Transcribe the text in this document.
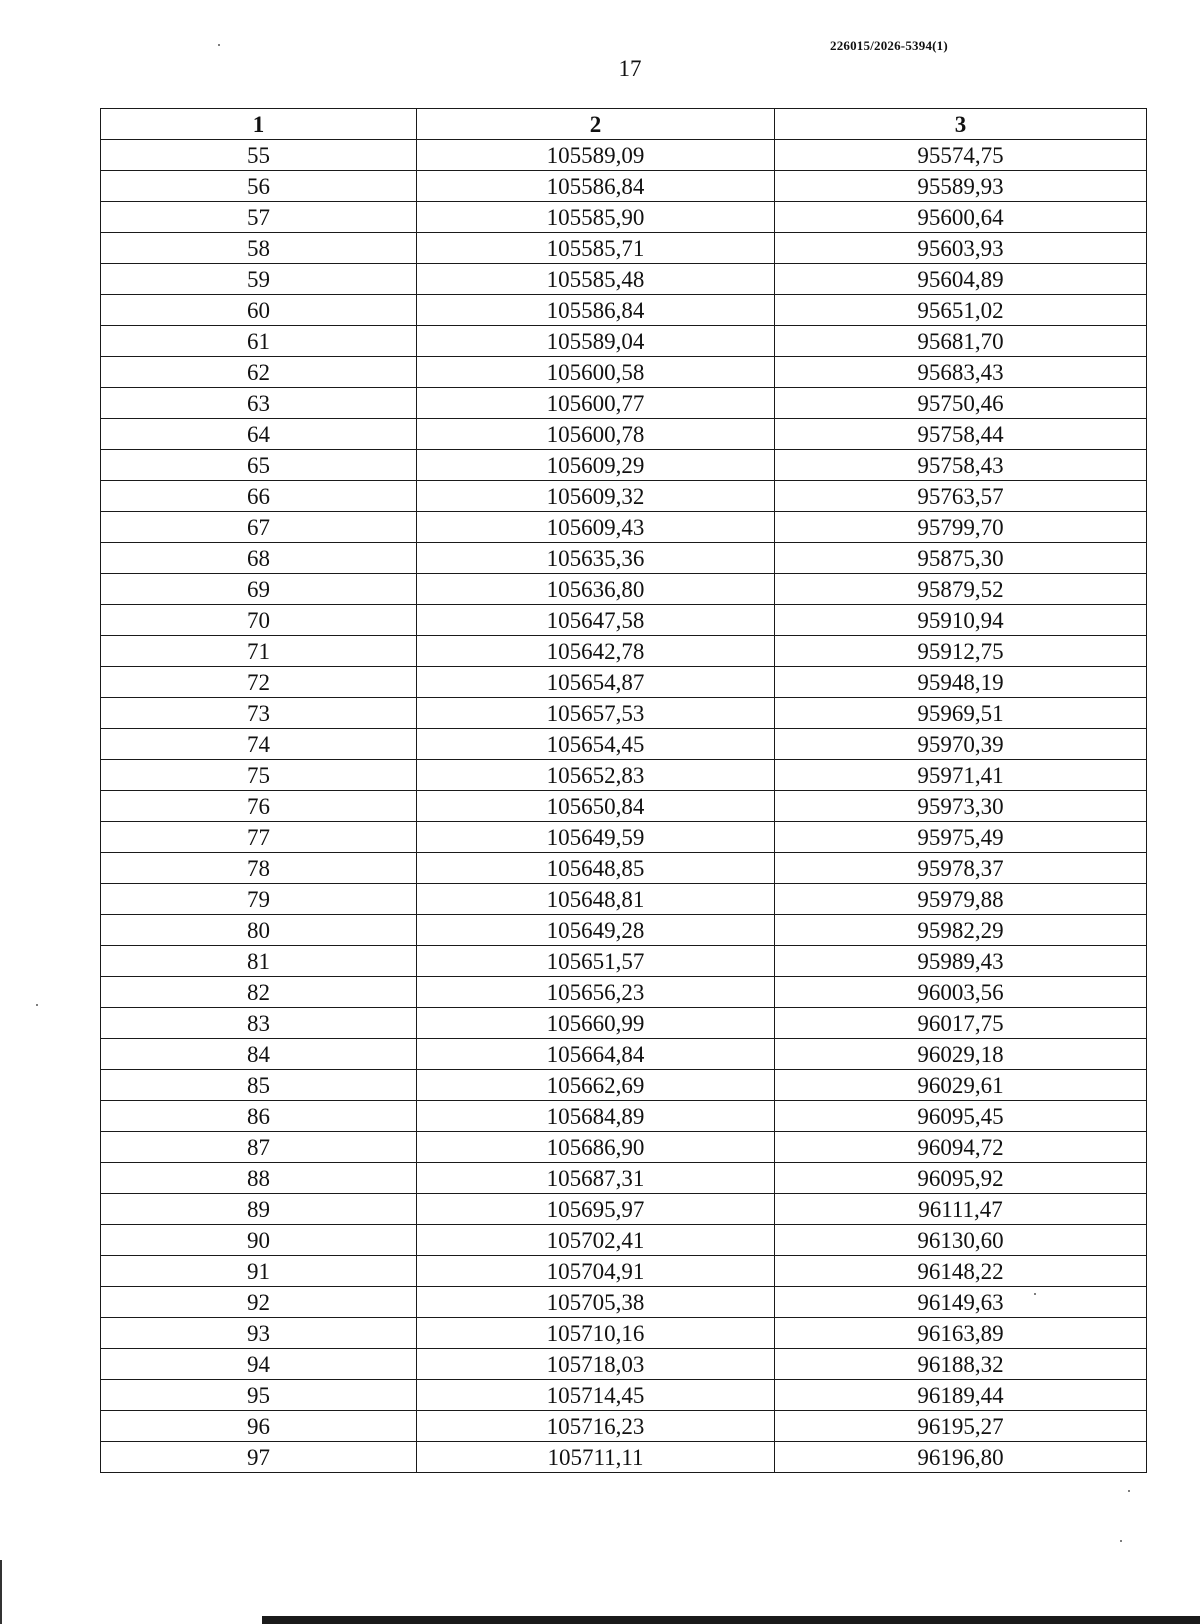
226015/2026-5394(1)
17
1	2	3
55	105589,09	95574,75
56	105586,84	95589,93
57	105585,90	95600,64
58	105585,71	95603,93
59	105585,48	95604,89
60	105586,84	95651,02
61	105589,04	95681,70
62	105600,58	95683,43
63	105600,77	95750,46
64	105600,78	95758,44
65	105609,29	95758,43
66	105609,32	95763,57
67	105609,43	95799,70
68	105635,36	95875,30
69	105636,80	95879,52
70	105647,58	95910,94
71	105642,78	95912,75
72	105654,87	95948,19
73	105657,53	95969,51
74	105654,45	95970,39
75	105652,83	95971,41
76	105650,84	95973,30
77	105649,59	95975,49
78	105648,85	95978,37
79	105648,81	95979,88
80	105649,28	95982,29
81	105651,57	95989,43
82	105656,23	96003,56
83	105660,99	96017,75
84	105664,84	96029,18
85	105662,69	96029,61
86	105684,89	96095,45
87	105686,90	96094,72
88	105687,31	96095,92
89	105695,97	96111,47
90	105702,41	96130,60
91	105704,91	96148,22
92	105705,38	96149,63
93	105710,16	96163,89
94	105718,03	96188,32
95	105714,45	96189,44
96	105716,23	96195,27
97	105711,11	96196,80
